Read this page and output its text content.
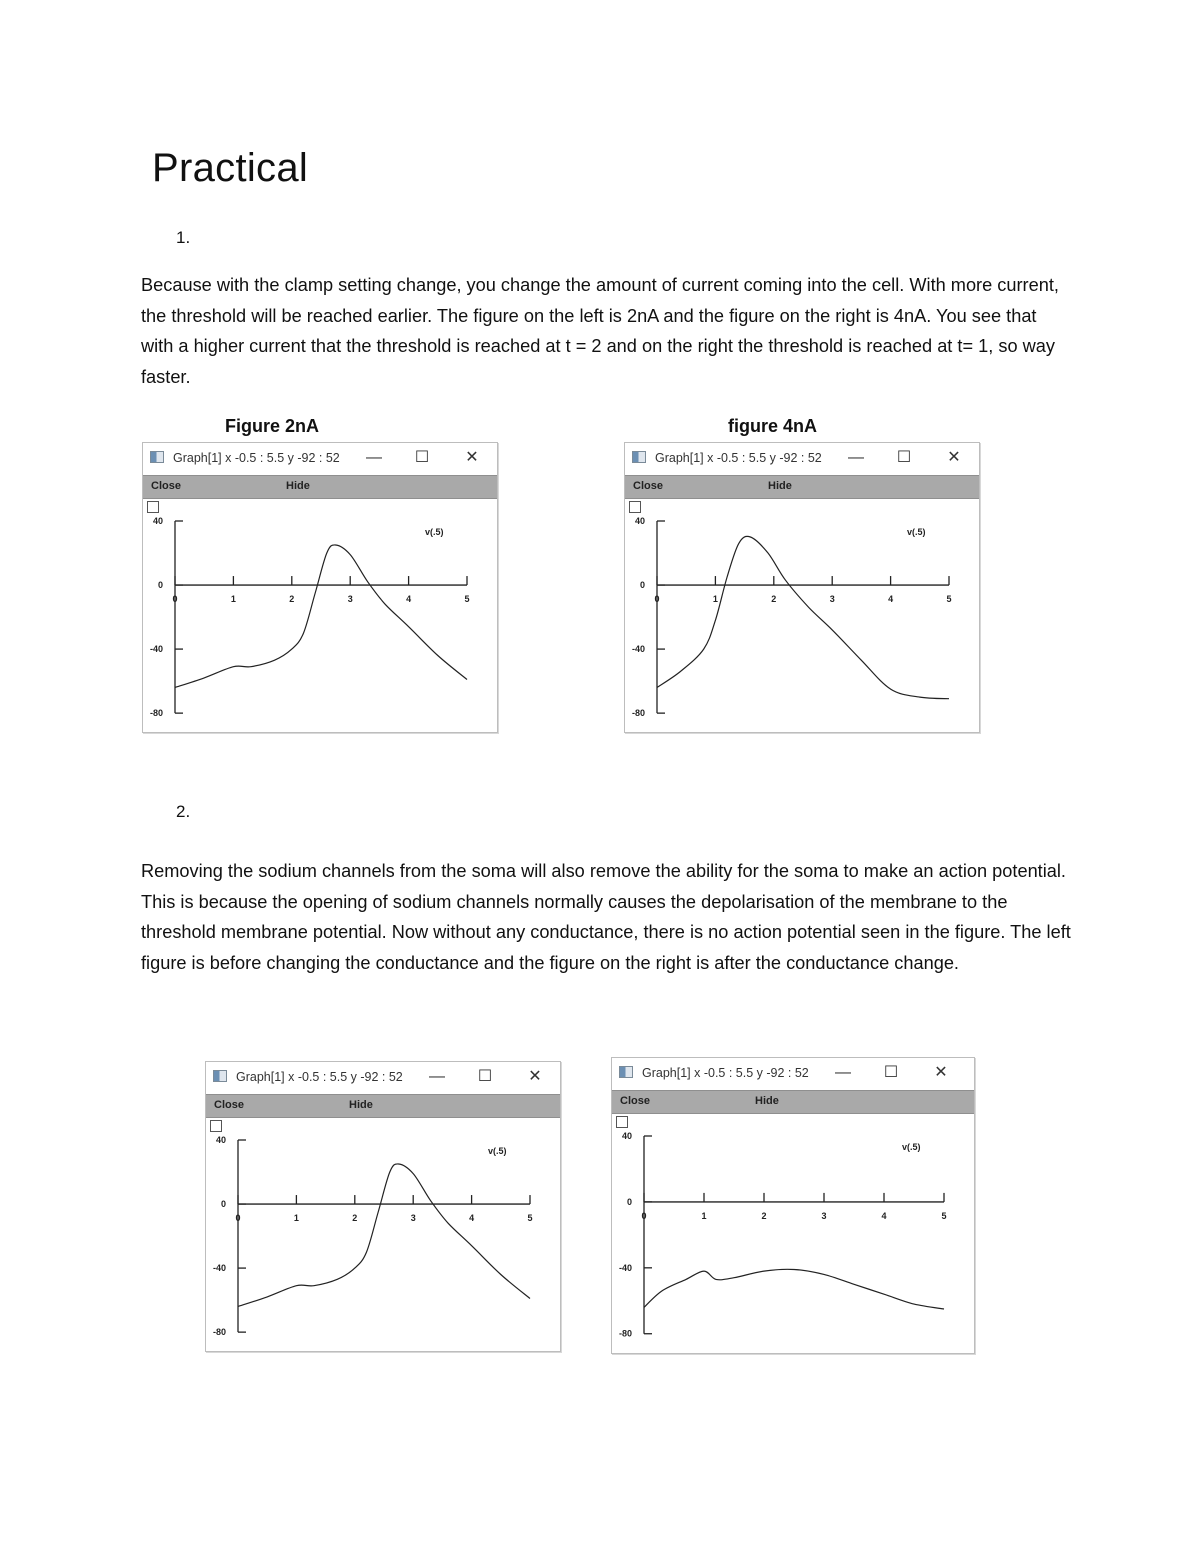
Practical
1.
Because with the clamp setting change, you change the amount of current coming into the cell. With more current, the threshold will be reached earlier. The figure on the left is 2nA and the figure on the right is 4nA. You see that with a higher current that the threshold is reached at t = 2 and on the right the threshold is reached at t= 1, so way faster.
Figure 2nA	figure 4nA
Graph[1] x -0.5 : 5.5 y -92 : 52 — ☐ ✕
Close	Hide
40
0
-40
-80
0	1	2	3	4	5
v(.5)
Graph[1] x -0.5 : 5.5 y -92 : 52 — ☐ ✕
Close	Hide
40
0
-40
-80
0	1	2	3	4	5
v(.5)
2.
Removing the sodium channels from the soma will also remove the ability for the soma to make an action potential. This is because the opening of sodium channels normally causes the depolarisation of the membrane to the threshold membrane potential. Now without any conductance, there is no action potential seen in the figure. The left figure is before changing the conductance and the figure on the right is after the conductance change.
Graph[1] x -0.5 : 5.5 y -92 : 52 — ☐ ✕
Close	Hide
40
0
-40
-80
0	1	2	3	4	5
v(.5)
Graph[1] x -0.5 : 5.5 y -92 : 52 — ☐ ✕
Close	Hide
40
0
-40
-80
0	1	2	3	4	5
v(.5)
